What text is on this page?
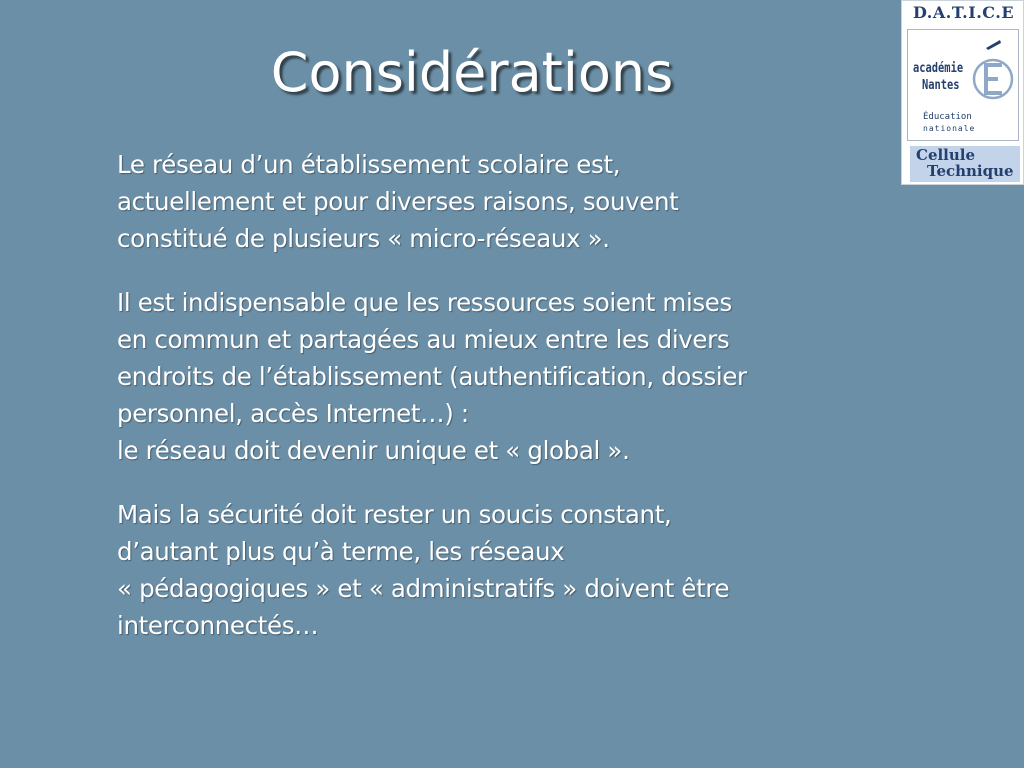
Considérations
Le réseau d’un établissement scolaire est,
actuellement et pour diverses raisons, souvent
constitué de plusieurs « micro-réseaux ».
Il est indispensable que les ressources soient mises
en commun et partagées au mieux entre les divers
endroits de l’établissement (authentification, dossier
personnel, accès Internet…) :
le réseau doit devenir unique et « global ».
Mais la sécurité doit rester un soucis constant,
d’autant plus qu’à terme, les réseaux
« pédagogiques » et « administratifs » doivent être
interconnectés…
D.A.T.I.C.E
académie
Nantes
Éducation
nationale
Cellule
Technique
